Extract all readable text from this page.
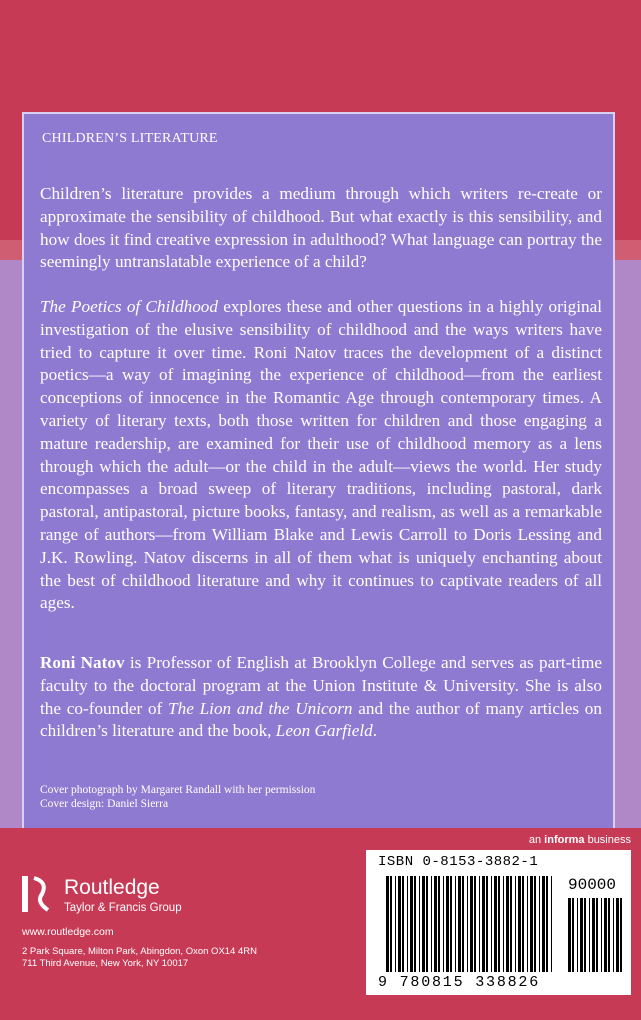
CHILDREN’S LITERATURE

Children’s literature provides a medium through which writers re-create or approximate the sensibility of childhood. But what exactly is this sensibility, and how does it find creative expression in adulthood? What language can portray the seemingly untranslatable experience of a child?

The Poetics of Childhood explores these and other questions in a highly original investigation of the elusive sensibility of childhood and the ways writers have tried to capture it over time. Roni Natov traces the development of a distinct poetics—a way of imagining the experience of childhood—from the earliest conceptions of innocence in the Romantic Age through contemporary times. A variety of literary texts, both those written for children and those engaging a mature readership, are examined for their use of childhood memory as a lens through which the adult—or the child in the adult—views the world. Her study encompasses a broad sweep of literary traditions, including pastoral, dark pastoral, antipastoral, picture books, fantasy, and realism, as well as a remarkable range of authors—from William Blake and Lewis Carroll to Doris Lessing and J.K. Rowling. Natov discerns in all of them what is uniquely enchanting about the best of childhood literature and why it continues to captivate readers of all ages.

Roni Natov is Professor of English at Brooklyn College and serves as part-time faculty to the doctoral program at the Union Institute & University. She is also the co-founder of The Lion and the Unicorn and the author of many articles on children’s literature and the book, Leon Garfield.

Cover photograph by Margaret Randall with her permission
Cover design: Daniel Sierra
an informa business
ROUTLEDGE Routledge
Taylor & Francis Group
www.routledge.com
2 Park Square, Milton Park, Abingdon, Oxon OX14 4RN
711 Third Avenue, New York, NY 10017
ISBN 0-8153-3882-1
90000
9 780815 338826
